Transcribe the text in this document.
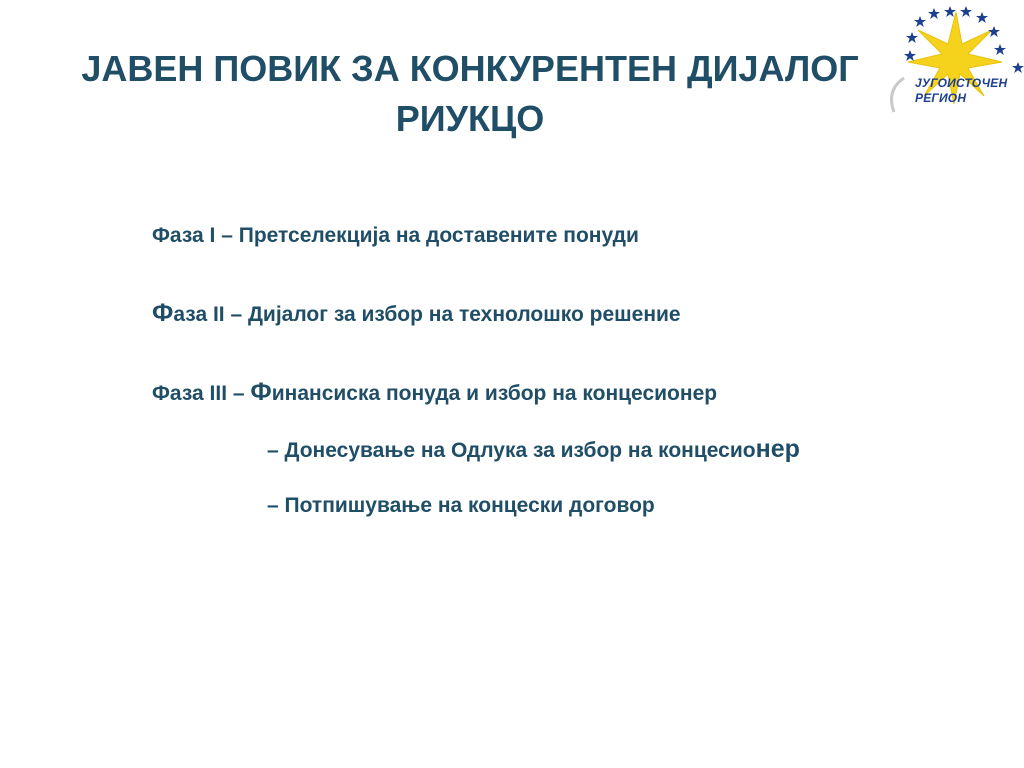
ЈАВЕН ПОВИК ЗА КОНКУРЕНТЕН ДИЈАЛОГ
РИУКЦО
Фаза I – Претселекција на доставените понуди
Фаза II – Дијалог за избор на технолошко решение
Фаза III – Финансиска понуда и избор на концесионер
– Донесување на Одлука за избор на концесионер
– Потпишување на концески договор
ЈУГОИСТОЧЕН
РЕГИОН
